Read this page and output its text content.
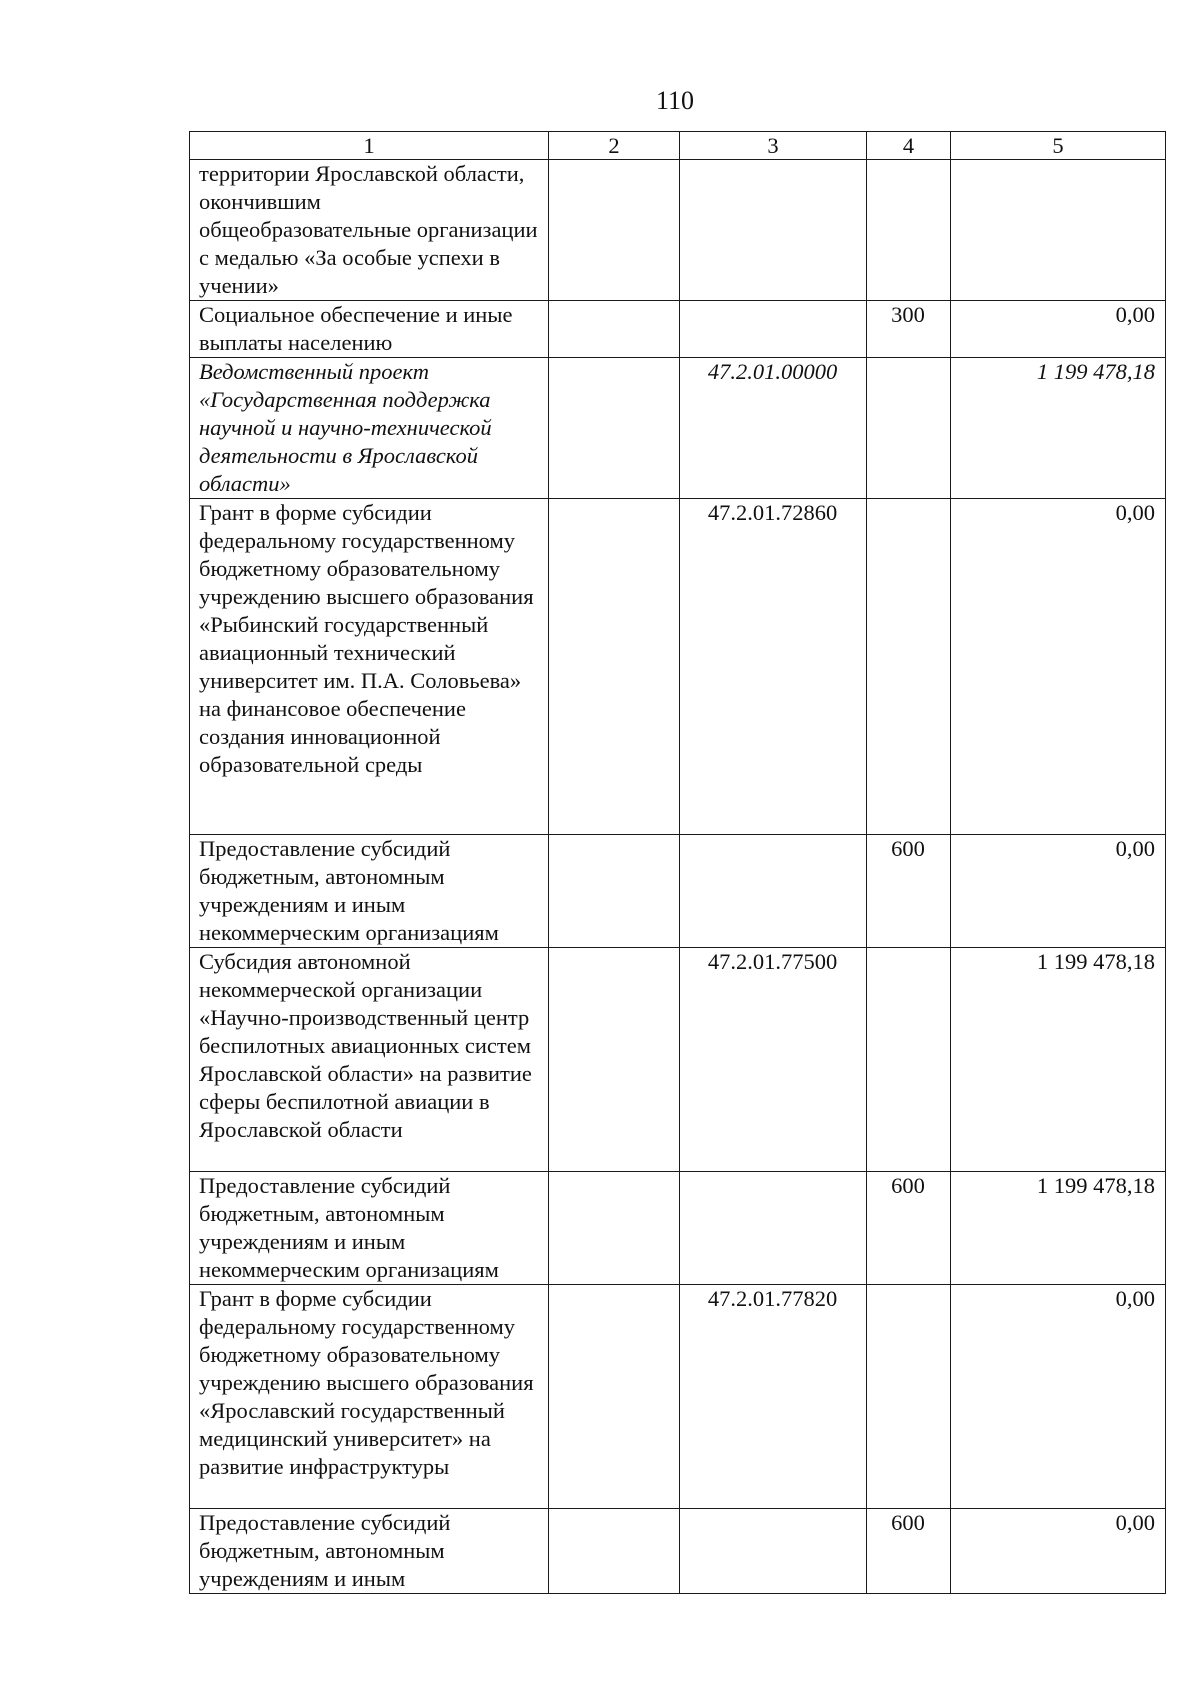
110
1	2	3	4	5
территории Ярославской области, окончившим общеобразовательные организации с медалью «За особые успехи в учении»				
Социальное обеспечение и иные выплаты населению			300	0,00
Ведомственный проект «Государственная поддержка научной и научно-технической деятельности в Ярославской области»		47.2.01.00000		1 199 478,18
Грант в форме субсидии федеральному государственному бюджетному образовательному учреждению высшего образования «Рыбинский государственный авиационный технический университет им. П.А. Соловьева» на финансовое обеспечение создания инновационной образовательной среды		47.2.01.72860		0,00
Предоставление субсидий бюджетным, автономным учреждениям и иным некоммерческим организациям			600	0,00
Субсидия автономной некоммерческой организации «Научно-производственный центр беспилотных авиационных систем Ярославской области» на развитие сферы беспилотной авиации в Ярославской области		47.2.01.77500		1 199 478,18
Предоставление субсидий бюджетным, автономным учреждениям и иным некоммерческим организациям			600	1 199 478,18
Грант в форме субсидии федеральному государственному бюджетному образовательному учреждению высшего образования «Ярославский государственный медицинский университет» на развитие инфраструктуры		47.2.01.77820		0,00
Предоставление субсидий бюджетным, автономным учреждениям и иным			600	0,00
